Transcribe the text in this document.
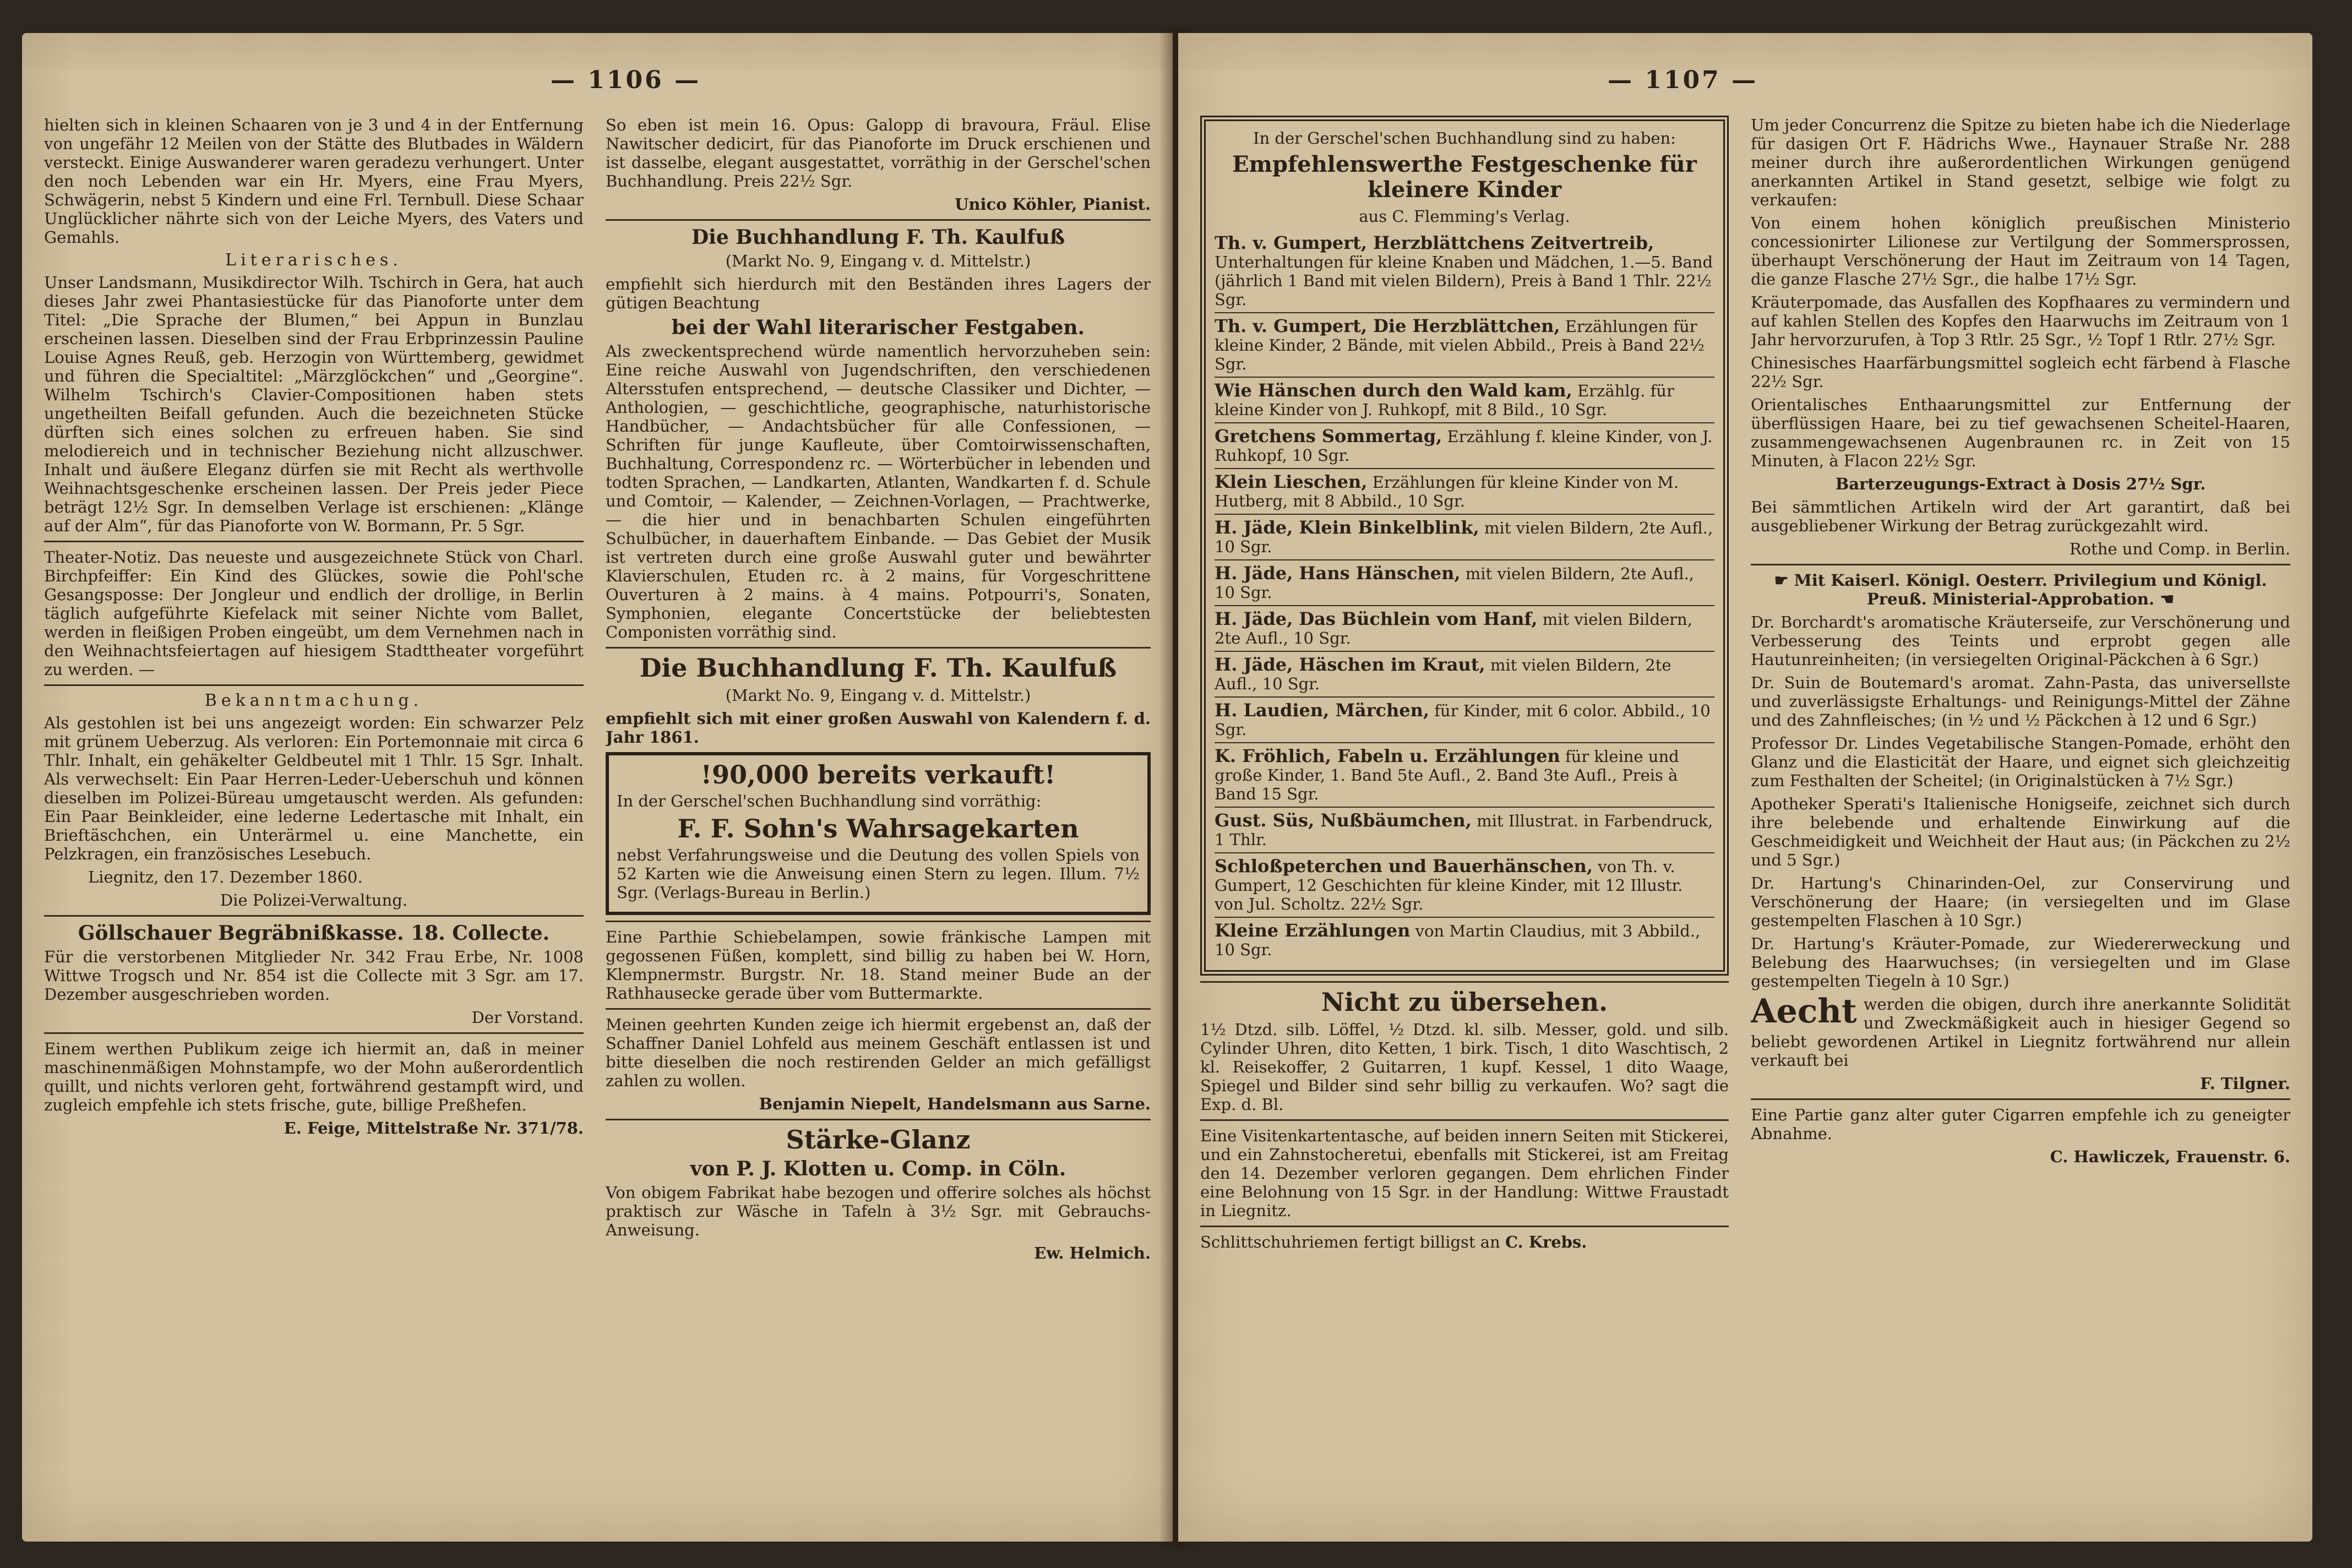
— 1106 —

hielten sich in kleinen Schaaren von je 3 und 4 in der Entfernung von ungefähr 12 Meilen von der Stätte des Blutbades in Wäldern versteckt. Einige Auswanderer waren geradezu verhungert. Unter den noch Lebenden war ein Hr. Myers, eine Frau Myers, Schwägerin, nebst 5 Kindern und eine Frl. Ternbull. Diese Schaar Unglücklicher nährte sich von der Leiche Myers, des Vaters und Gemahls.

Literarisches.

Unser Landsmann, Musikdirector Wilh. Tschirch in Gera, hat auch dieses Jahr zwei Phantasiestücke für das Pianoforte unter dem Titel: „Die Sprache der Blumen,“ bei Appun in Bunzlau erscheinen lassen. Dieselben sind der Frau Erbprinzessin Pauline Louise Agnes Reuß, geb. Herzogin von Württemberg, gewidmet und führen die Specialtitel: „Märzglöckchen“ und „Georgine“. Wilhelm Tschirch's Clavier-Compositionen haben stets ungetheilten Beifall gefunden. Auch die bezeichneten Stücke dürften sich eines solchen zu erfreuen haben. Sie sind melodiereich und in technischer Beziehung nicht allzuschwer. Inhalt und äußere Eleganz dürfen sie mit Recht als werthvolle Weihnachtsgeschenke erscheinen lassen. Der Preis jeder Piece beträgt 12½ Sgr. In demselben Verlage ist erschienen: „Klänge auf der Alm“, für das Pianoforte von W. Bormann, Pr. 5 Sgr.

Theater-Notiz. Das neueste und ausgezeichnete Stück von Charl. Birchpfeiffer: Ein Kind des Glückes, sowie die Pohl'sche Gesangsposse: Der Jongleur und endlich der drollige, in Berlin täglich aufgeführte Kiefelack mit seiner Nichte vom Ballet, werden in fleißigen Proben eingeübt, um dem Vernehmen nach in den Weihnachtsfeiertagen auf hiesigem Stadttheater vorgeführt zu werden. —

Bekanntmachung.

Als gestohlen ist bei uns angezeigt worden: Ein schwarzer Pelz mit grünem Ueberzug. Als verloren: Ein Portemonnaie mit circa 6 Thlr. Inhalt, ein gehäkelter Geldbeutel mit 1 Thlr. 15 Sgr. Inhalt. Als verwechselt: Ein Paar Herren-Leder-Ueberschuh und können dieselben im Polizei-Büreau umgetauscht werden. Als gefunden: Ein Paar Beinkleider, eine lederne Ledertasche mit Inhalt, ein Brieftäschchen, ein Unterärmel u. eine Manchette, ein Pelzkragen, ein französisches Lesebuch.

Liegnitz, den 17. Dezember 1860.

Die Polizei-Verwaltung.

Göllschauer Begräbnißkasse. 18. Collecte.

Für die verstorbenen Mitglieder Nr. 342 Frau Erbe, Nr. 1008 Wittwe Trogsch und Nr. 854 ist die Collecte mit 3 Sgr. am 17. Dezember ausgeschrieben worden.

Der Vorstand.

Einem werthen Publikum zeige ich hiermit an, daß in meiner maschinenmäßigen Mohnstampfe, wo der Mohn außerordentlich quillt, und nichts verloren geht, fortwährend gestampft wird, und zugleich empfehle ich stets frische, gute, billige Preßhefen.

E. Feige, Mittelstraße Nr. 371/78.

So eben ist mein 16. Opus: Galopp di bravoura, Fräul. Elise Nawitscher dedicirt, für das Pianoforte im Druck erschienen und ist dasselbe, elegant ausgestattet, vorräthig in der Gerschel'schen Buchhandlung. Preis 22½ Sgr.

Unico Köhler, Pianist.

Die Buchhandlung F. Th. Kaulfuß

(Markt No. 9, Eingang v. d. Mittelstr.)

empfiehlt sich hierdurch mit den Beständen ihres Lagers der gütigen Beachtung

bei der Wahl literarischer Festgaben.

Als zweckentsprechend würde namentlich hervorzuheben sein: Eine reiche Auswahl von Jugendschriften, den verschiedenen Altersstufen entsprechend, — deutsche Classiker und Dichter, — Anthologien, — geschichtliche, geographische, naturhistorische Handbücher, — Andachtsbücher für alle Confessionen, — Schriften für junge Kaufleute, über Comtoirwissenschaften, Buchhaltung, Correspondenz rc. — Wörterbücher in lebenden und todten Sprachen, — Landkarten, Atlanten, Wandkarten f. d. Schule und Comtoir, — Kalender, — Zeichnen-Vorlagen, — Prachtwerke, — die hier und in benachbarten Schulen eingeführten Schulbücher, in dauerhaftem Einbande. — Das Gebiet der Musik ist vertreten durch eine große Auswahl guter und bewährter Klavierschulen, Etuden rc. à 2 mains, für Vorgeschrittene Ouverturen à 2 mains. à 4 mains. Potpourri's, Sonaten, Symphonien, elegante Concertstücke der beliebtesten Componisten vorräthig sind.

Die Buchhandlung F. Th. Kaulfuß

(Markt No. 9, Eingang v. d. Mittelstr.)

empfiehlt sich mit einer großen Auswahl von Kalendern f. d. Jahr 1861.

!90,000 bereits verkauft!

In der Gerschel'schen Buchhandlung sind vorräthig:

F. F. Sohn's Wahrsagekarten

nebst Verfahrungsweise und die Deutung des vollen Spiels von 52 Karten wie die Anweisung einen Stern zu legen. Illum. 7½ Sgr. (Verlags-Bureau in Berlin.)

Eine Parthie Schiebelampen, sowie fränkische Lampen mit gegossenen Füßen, komplett, sind billig zu haben bei W. Horn, Klempnermstr. Burgstr. Nr. 18. Stand meiner Bude an der Rathhausecke gerade über vom Buttermarkte.

Meinen geehrten Kunden zeige ich hiermit ergebenst an, daß der Schaffner Daniel Lohfeld aus meinem Geschäft entlassen ist und bitte dieselben die noch restirenden Gelder an mich gefälligst zahlen zu wollen.

Benjamin Niepelt, Handelsmann aus Sarne.

Stärke-Glanz
von P. J. Klotten u. Comp. in Cöln.

Von obigem Fabrikat habe bezogen und offerire solches als höchst praktisch zur Wäsche in Tafeln à 3½ Sgr. mit Gebrauchs-Anweisung.

Ew. Helmich.

— 1107 —

In der Gerschel'schen Buchhandlung sind zu haben:

Empfehlenswerthe Festgeschenke für kleinere Kinder

aus C. Flemming's Verlag.

Th. v. Gumpert, Herzblättchens Zeitvertreib, Unterhaltungen für kleine Knaben und Mädchen, 1.—5. Band (jährlich 1 Band mit vielen Bildern), Preis à Band 1 Thlr. 22½ Sgr.
Th. v. Gumpert, Die Herzblättchen, Erzählungen für kleine Kinder, 2 Bände, mit vielen Abbild., Preis à Band 22½ Sgr.
Wie Hänschen durch den Wald kam, Erzählg. für kleine Kinder von J. Ruhkopf, mit 8 Bild., 10 Sgr.
Gretchens Sommertag, Erzählung f. kleine Kinder, von J. Ruhkopf, 10 Sgr.
Klein Lieschen, Erzählungen für kleine Kinder von M. Hutberg, mit 8 Abbild., 10 Sgr.
H. Jäde, Klein Binkelblink, mit vielen Bildern, 2te Aufl., 10 Sgr.
H. Jäde, Hans Hänschen, mit vielen Bildern, 2te Aufl., 10 Sgr.
H. Jäde, Das Büchlein vom Hanf, mit vielen Bildern, 2te Aufl., 10 Sgr.
H. Jäde, Häschen im Kraut, mit vielen Bildern, 2te Aufl., 10 Sgr.
H. Laudien, Märchen, für Kinder, mit 6 color. Abbild., 10 Sgr.
K. Fröhlich, Fabeln u. Erzählungen für kleine und große Kinder, 1. Band 5te Aufl., 2. Band 3te Aufl., Preis à Band 15 Sgr.
Gust. Süs, Nußbäumchen, mit Illustrat. in Farbendruck, 1 Thlr.
Schloßpeterchen und Bauerhänschen, von Th. v. Gumpert, 12 Geschichten für kleine Kinder, mit 12 Illustr. von Jul. Scholtz. 22½ Sgr.
Kleine Erzählungen von Martin Claudius, mit 3 Abbild., 10 Sgr.
Nicht zu übersehen.

1½ Dtzd. silb. Löffel, ½ Dtzd. kl. silb. Messer, gold. und silb. Cylinder Uhren, dito Ketten, 1 birk. Tisch, 1 dito Waschtisch, 2 kl. Reisekoffer, 2 Guitarren, 1 kupf. Kessel, 1 dito Waage, Spiegel und Bilder sind sehr billig zu verkaufen. Wo? sagt die Exp. d. Bl.

Eine Visitenkartentasche, auf beiden innern Seiten mit Stickerei, und ein Zahnstocheretui, ebenfalls mit Stickerei, ist am Freitag den 14. Dezember verloren gegangen. Dem ehrlichen Finder eine Belohnung von 15 Sgr. in der Handlung: Wittwe Fraustadt in Liegnitz.

Schlittschuhriemen fertigt billigst an C. Krebs.

Um jeder Concurrenz die Spitze zu bieten habe ich die Niederlage für dasigen Ort F. Hädrichs Wwe., Haynauer Straße Nr. 288 meiner durch ihre außerordentlichen Wirkungen genügend anerkannten Artikel in Stand gesetzt, selbige wie folgt zu verkaufen:

Von einem hohen königlich preußischen Ministerio concessionirter Lilionese zur Vertilgung der Sommersprossen, überhaupt Verschönerung der Haut im Zeitraum von 14 Tagen, die ganze Flasche 27½ Sgr., die halbe 17½ Sgr.

Kräuterpomade, das Ausfallen des Kopfhaares zu vermindern und auf kahlen Stellen des Kopfes den Haarwuchs im Zeitraum von 1 Jahr hervorzurufen, à Top 3 Rtlr. 25 Sgr., ½ Topf 1 Rtlr. 27½ Sgr.

Chinesisches Haarfärbungsmittel sogleich echt färbend à Flasche 22½ Sgr.

Orientalisches Enthaarungsmittel zur Entfernung der überflüssigen Haare, bei zu tief gewachsenen Scheitel-Haaren, zusammengewachsenen Augenbraunen rc. in Zeit von 15 Minuten, à Flacon 22½ Sgr.

Barterzeugungs-Extract à Dosis 27½ Sgr.

Bei sämmtlichen Artikeln wird der Art garantirt, daß bei ausgebliebener Wirkung der Betrag zurückgezahlt wird.

Rothe und Comp. in Berlin.

☛ Mit Kaiserl. Königl. Oesterr. Privilegium und Königl. Preuß. Ministerial-Approbation. ☚

Dr. Borchardt's aromatische Kräuterseife, zur Verschönerung und Verbesserung des Teints und erprobt gegen alle Hautunreinheiten; (in versiegelten Original-Päckchen à 6 Sgr.)

Dr. Suin de Boutemard's aromat. Zahn-Pasta, das universellste und zuverlässigste Erhaltungs- und Reinigungs-Mittel der Zähne und des Zahnfleisches; (in ½ und ½ Päckchen à 12 und 6 Sgr.)

Professor Dr. Lindes Vegetabilische Stangen-Pomade, erhöht den Glanz und die Elasticität der Haare, und eignet sich gleichzeitig zum Festhalten der Scheitel; (in Originalstücken à 7½ Sgr.)

Apotheker Sperati's Italienische Honigseife, zeichnet sich durch ihre belebende und erhaltende Einwirkung auf die Geschmeidigkeit und Weichheit der Haut aus; (in Päckchen zu 2½ und 5 Sgr.)

Dr. Hartung's Chinarinden-Oel, zur Conservirung und Verschönerung der Haare; (in versiegelten und im Glase gestempelten Flaschen à 10 Sgr.)

Dr. Hartung's Kräuter-Pomade, zur Wiedererweckung und Belebung des Haarwuchses; (in versiegelten und im Glase gestempelten Tiegeln à 10 Sgr.)

Aecht werden die obigen, durch ihre anerkannte Solidität und Zweckmäßigkeit auch in hiesiger Gegend so beliebt gewordenen Artikel in Liegnitz fortwährend nur allein verkauft bei

F. Tilgner.

Eine Partie ganz alter guter Cigarren empfehle ich zu geneigter Abnahme.

C. Hawliczek, Frauenstr. 6.
